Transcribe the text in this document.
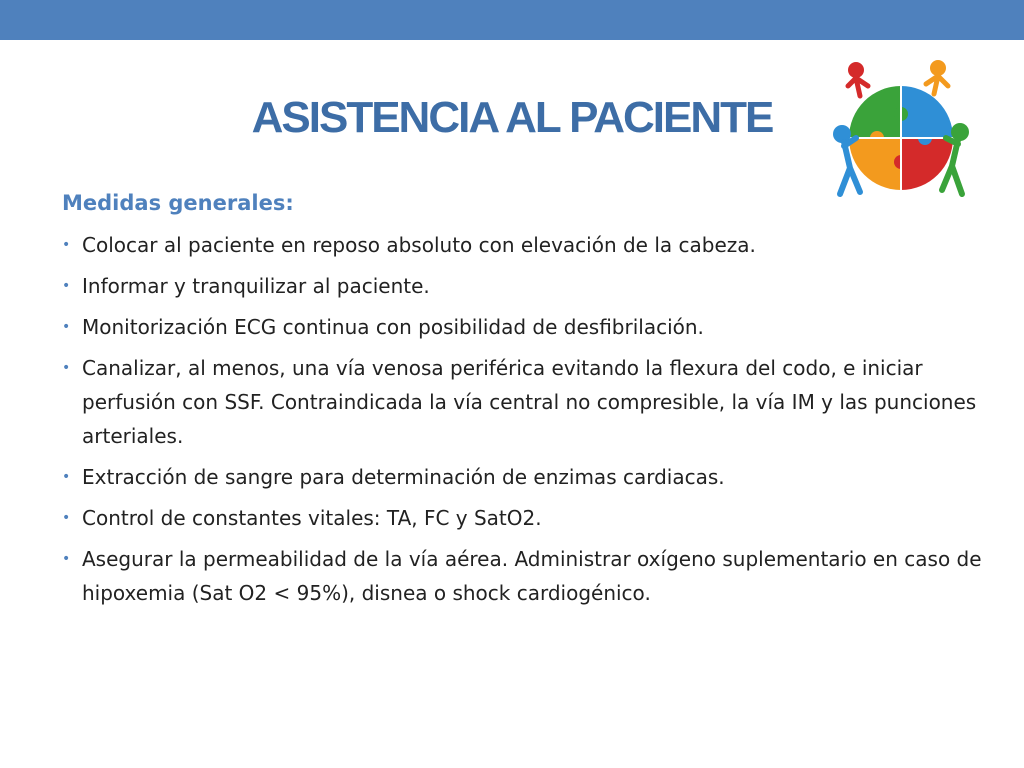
ASISTENCIA AL PACIENTE
Medidas generales:
• Colocar al paciente en reposo absoluto con elevación de la cabeza.
• Informar y tranquilizar al paciente.
• Monitorización ECG continua con posibilidad de desfibrilación.
• Canalizar, al menos, una vía venosa periférica evitando la flexura del codo, e iniciar perfusión con SSF. Contraindicada la vía central no compresible, la vía IM y las punciones arteriales.
• Extracción de sangre para determinación de enzimas cardiacas.
• Control de constantes vitales: TA, FC y SatO2.
• Asegurar la permeabilidad de la vía aérea. Administrar oxígeno suplementario en caso de hipoxemia (Sat O2 < 95%), disnea o shock cardiogénico.
